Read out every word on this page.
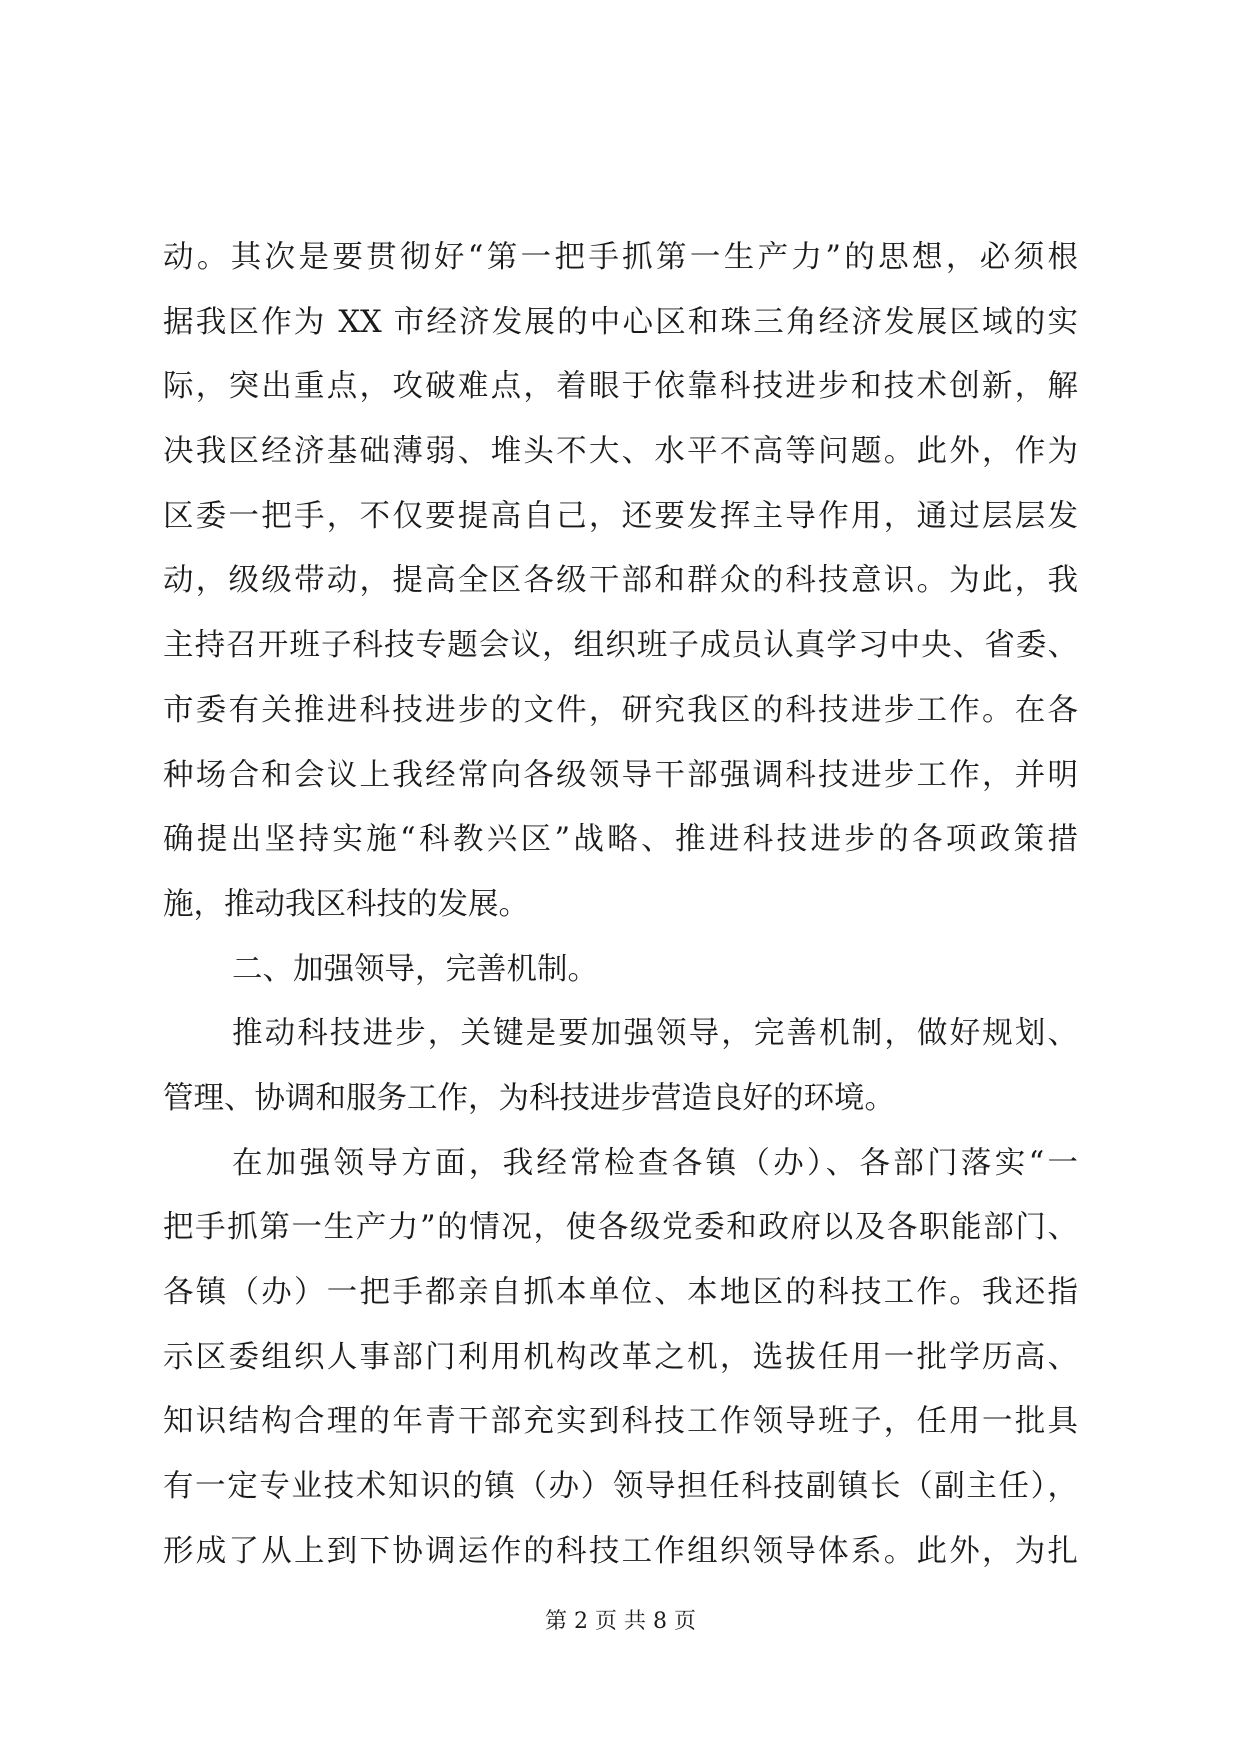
动。其次是要贯彻好“第一把手抓第一生产力”的思想，必须根
据我区作为 XX 市经济发展的中心区和珠三角经济发展区域的实
际，突出重点，攻破难点，着眼于依靠科技进步和技术创新，解
决我区经济基础薄弱、堆头不大、水平不高等问题。此外，作为
区委一把手，不仅要提高自己，还要发挥主导作用，通过层层发
动，级级带动，提高全区各级干部和群众的科技意识。为此，我
主持召开班子科技专题会议，组织班子成员认真学习中央、省委、
市委有关推进科技进步的文件，研究我区的科技进步工作。在各
种场合和会议上我经常向各级领导干部强调科技进步工作，并明
确提出坚持实施“科教兴区”战略、推进科技进步的各项政策措
施，推动我区科技的发展。
二、加强领导，完善机制。
推动科技进步，关键是要加强领导，完善机制，做好规划、
管理、协调和服务工作，为科技进步营造良好的环境。
在加强领导方面，我经常检查各镇（办）、各部门落实“一
把手抓第一生产力”的情况，使各级党委和政府以及各职能部门、
各镇（办）一把手都亲自抓本单位、本地区的科技工作。我还指
示区委组织人事部门利用机构改革之机，选拔任用一批学历高、
知识结构合理的年青干部充实到科技工作领导班子，任用一批具
有一定专业技术知识的镇（办）领导担任科技副镇长（副主任），
形成了从上到下协调运作的科技工作组织领导体系。此外，为扎
第 2 页 共 8 页
